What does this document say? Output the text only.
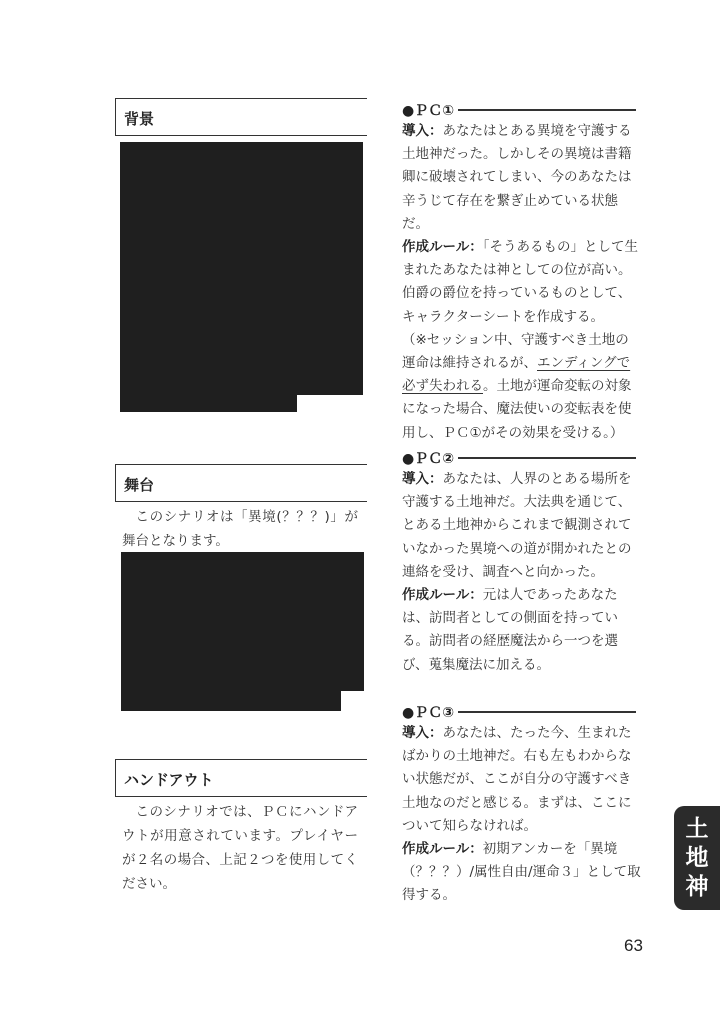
背景
舞台
このシナリオは「異境(？？？)」が舞台となります。
ハンドアウト
このシナリオでは、ＰＣにハンドアウトが用意されています。プレイヤーが２名の場合、上記２つを使用してください。
●ＰＣ①

導入：あなたはとある異境を守護する土地神だった。しかしその異境は書籍卿に破壊されてしまい、今のあなたは辛うじて存在を繋ぎ止めている状態だ。

作成ルール：「そうあるもの」として生まれたあなたは神としての位が高い。伯爵の爵位を持っているものとして、キャラクターシートを作成する。

（※セッション中、守護すべき土地の運命は維持されるが、エンディングで必ず失われる。土地が運命変転の対象になった場合、魔法使いの変転表を使用し、ＰＣ①がその効果を受ける。）

●ＰＣ②

導入：あなたは、人界のとある場所を守護する土地神だ。大法典を通じて、とある土地神からこれまで観測されていなかった異境への道が開かれたとの連絡を受け、調査へと向かった。

作成ルール：元は人であったあなたは、訪問者としての側面を持っている。訪問者の経歴魔法から一つを選び、蒐集魔法に加える。

●ＰＣ③

導入：あなたは、たった今、生まれたばかりの土地神だ。右も左もわからない状態だが、ここが自分の守護すべき土地なのだと感じる。まずは、ここについて知らなければ。

作成ルール：初期アンカーを「異境（？？？）/属性自由/運命３」として取得する。

土
地
神
63
